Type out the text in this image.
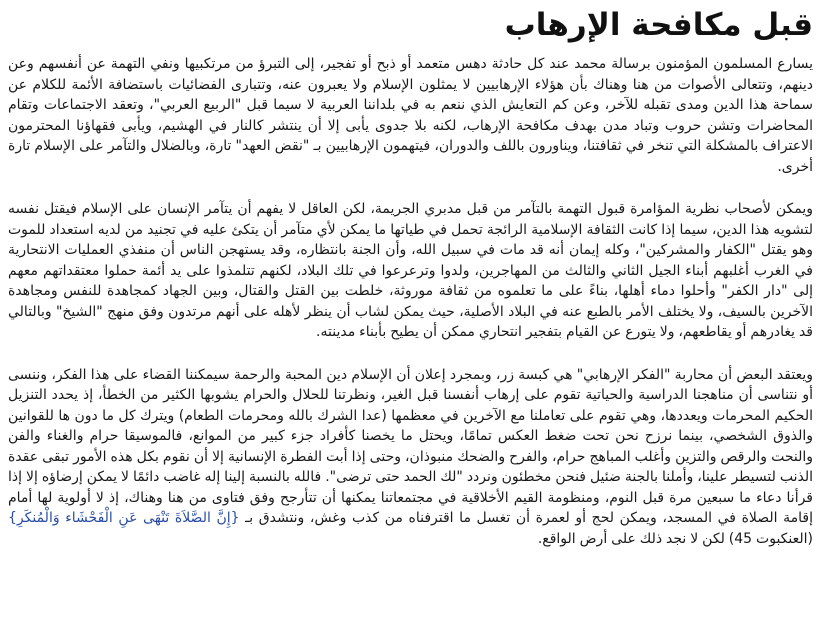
قبل مكافحة الإرهاب

يسارع المسلمون المؤمنون برسالة محمد عند كل حادثة دهس متعمد أو ذبح أو تفجير، إلى التبرؤ من مرتكبيها ونفي التهمة عن أنفسهم وعن دينهم، وتتعالى الأصوات من هنا وهناك بأن هؤلاء الإرهابيين لا يمثلون الإسلام ولا يعبرون عنه، وتتبارى الفضائيات باستضافة الأئمة للكلام عن سماحة هذا الدين ومدى تقبله للآخر، وعن كم التعايش الذي ننعم به في بلداننا العربية لا سيما قبل "الربيع العربي"، وتعقد الاجتماعات وتقام المحاضرات وتشن حروب وتباد مدن بهدف مكافحة الإرهاب، لكنه بلا جدوى يأبى إلا أن ينتشر كالنار في الهشيم، ويأبى فقهاؤنا المحترمون الاعتراف بالمشكلة التي تنخر في ثقافتنا، ويناورون باللف والدوران، فيتهمون الإرهابيين بـ "نقض العهد" تارة، وبالضلال والتآمر على الإسلام تارة أخرى.

ويمكن لأصحاب نظرية المؤامرة قبول التهمة بالتآمر من قبل مدبري الجريمة، لكن العاقل لا يفهم أن يتآمر الإنسان على الإسلام فيقتل نفسه لتشويه هذا الدين، سيما إذا كانت الثقافة الإسلامية الرائجة تحمل في طياتها ما يمكن لأي متآمر أن يتكئ عليه في تجنيد من لديه استعداد للموت وهو يقتل "الكفار والمشركين"، وكله إيمان أنه قد مات في سبيل الله، وأن الجنة بانتظاره، وقد يستهجن الناس أن منفذي العمليات الانتحارية في الغرب أغلبهم أبناء الجيل الثاني والثالث من المهاجرين، ولدوا وترعرعوا في تلك البلاد، لكنهم تتلمذوا على يد أئمة حملوا معتقداتهم معهم إلى "دار الكفر" وأحلوا دماء أهلها، بناءً على ما تعلموه من ثقافة موروثة، خلطت بين القتل والقتال، وبين الجهاد كمجاهدة للنفس ومجاهدة الآخرين بالسيف، ولا يختلف الأمر بالطبع عنه في البلاد الأصلية، حيث يمكن لشاب أن ينظر لأهله على أنهم مرتدون وفق منهج "الشيخ" وبالتالي قد يغادرهم أو يقاطعهم، ولا يتورع عن القيام بتفجير انتحاري ممكن أن يطيح بأبناء مدينته.

ويعتقد البعض أن محاربة "الفكر الإرهابي" هي كبسة زر، وبمجرد إعلان أن الإسلام دين المحبة والرحمة سيمكننا القضاء على هذا الفكر، وننسى أو نتناسى أن مناهجنا الدراسية والحياتية تقوم على إرهاب أنفسنا قبل الغير، ونظرتنا للحلال والحرام يشوبها الكثير من الخطأ، إذ يحدد التنزيل الحكيم المحرمات ويعددها، وهي تقوم على تعاملنا مع الآخرين في معظمها (عدا الشرك بالله ومحرمات الطعام) ويترك كل ما دون ها للقوانين والذوق الشخصي، بينما نرزح نحن تحت ضغط العكس تمامًا، ويحتل ما يخصنا كأفراد جزء كبير من الموانع، فالموسيقا حرام والغناء والفن والنحت والرقص والتزين وأغلب المباهج حرام، والفرح والضحك منبوذان، وحتى إذا أبت الفطرة الإنسانية إلا أن نقوم بكل هذه الأمور تبقى عقدة الذنب لتسيطر علينا، وأملنا بالجنة ضئيل فنحن مخطئون ونردد "لك الحمد حتى ترضى". فالله بالنسبة إلينا إله غاضب دائمًا لا يمكن إرضاؤه إلا إذا قرأنا دعاء ما سبعين مرة قبل النوم، ومنظومة القيم الأخلاقية في مجتمعاتنا يمكنها أن تتأرجح وفق فتاوى من هنا وهناك، إذ لا أولوية لها أمام إقامة الصلاة في المسجد، ويمكن لحج أو لعمرة أن تغسل ما اقترفناه من كذب وغش، ونتشدق بـ {إِنَّ الصَّلاَةَ تَنْهَى عَنِ الْفَحْشَاء وَالْمُنكَرِ} (العنكبوت 45) لكن لا نجد ذلك على أرض الواقع.
